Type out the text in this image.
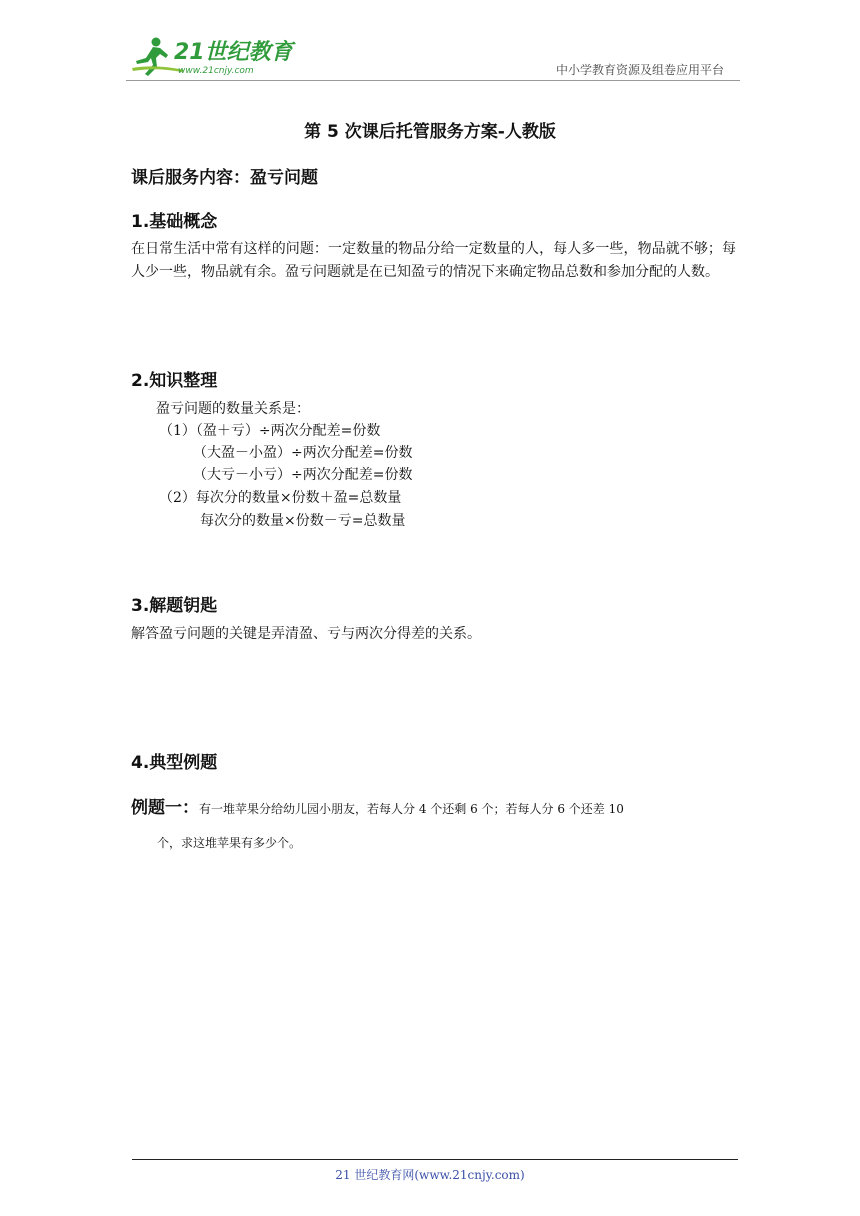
21世纪教育
www.21cnjy.com	中小学教育资源及组卷应用平台
第 5 次课后托管服务方案-人教版
课后服务内容：盈亏问题
1.基础概念
在日常生活中常有这样的问题：一定数量的物品分给一定数量的人，每人多一些，物品就不够；每人少一些，物品就有余。盈亏问题就是在已知盈亏的情况下来确定物品总数和参加分配的人数。
2.知识整理
盈亏问题的数量关系是：
（1）（盈＋亏）÷两次分配差=份数
（大盈－小盈）÷两次分配差=份数
（大亏－小亏）÷两次分配差=份数
（2）每次分的数量×份数＋盈=总数量
每次分的数量×份数－亏=总数量
3.解题钥匙
解答盈亏问题的关键是弄清盈、亏与两次分得差的关系。
4.典型例题
例题一：有一堆苹果分给幼儿园小朋友，若每人分 4 个还剩 6 个；若每人分 6 个还差 10
个，求这堆苹果有多少个。
21 世纪教育网(www.21cnjy.com)
